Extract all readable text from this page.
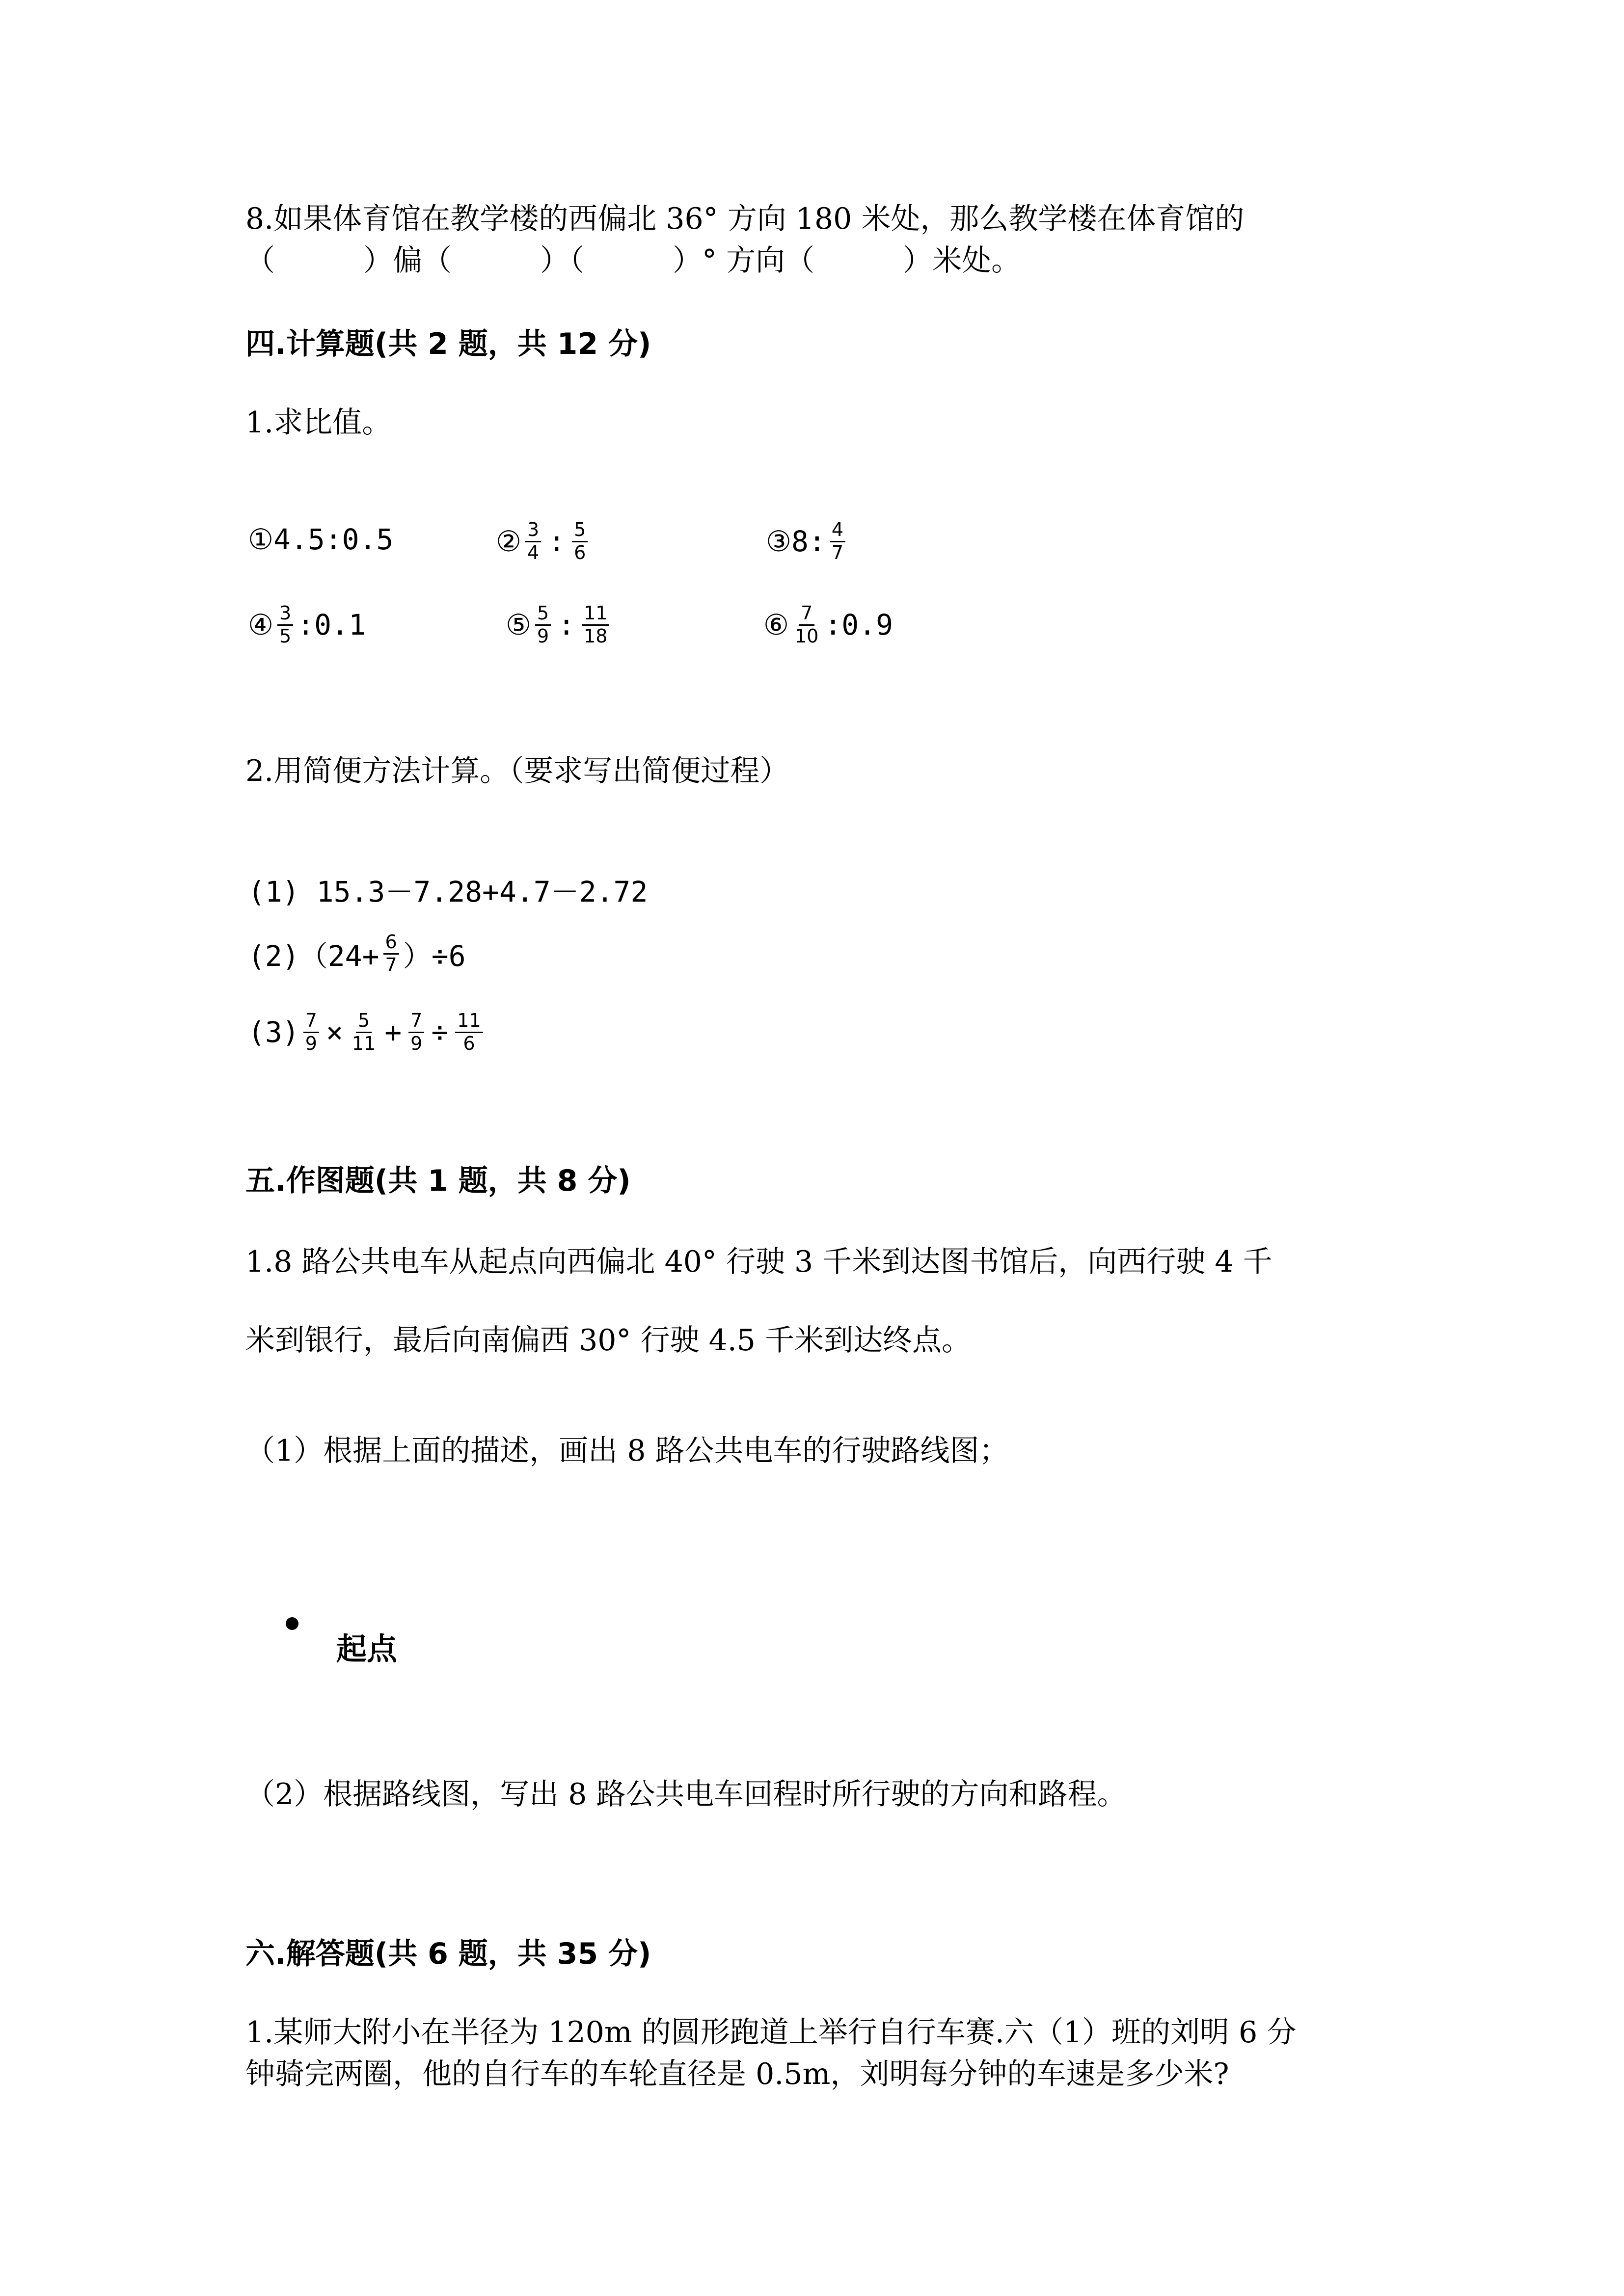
8.如果体育馆在教学楼的西偏北 36° 方向 180 米处，那么教学楼在体育馆的
（　　　）偏（　　　）（　　　）° 方向（　　　）米处。
四.计算题(共 2 题，共 12 分)
1.求比值。
①4.5:0.5	② $\frac{3}{4}$ : $\frac{5}{6}$	③8: $\frac{4}{7}$
④ $\frac{3}{5}$ :0.1	⑤ $\frac{5}{9}$ : $\frac{11}{18}$	⑥ $\frac{7}{10}$ :0.9
2.用简便方法计算。（要求写出简便过程）
(1) 15.3－7.28+4.7－2.72
$(2)(24+ \frac{6}{7} )\div 6$
$(3) \frac{7}{9} \times \frac{5}{11} + \frac{7}{9} \div \frac{11}{6}$
五.作图题(共 1 题，共 8 分)
1.8 路公共电车从起点向西偏北 40° 行驶 3 千米到达图书馆后，向西行驶 4 千
米到银行，最后向南偏西 30° 行驶 4.5 千米到达终点。
（1）根据上面的描述，画出 8 路公共电车的行驶路线图；
起点
（2）根据路线图，写出 8 路公共电车回程时所行驶的方向和路程。
六.解答题(共 6 题，共 35 分)
1.某师大附小在半径为 120m 的圆形跑道上举行自行车赛.六（1）班的刘明 6 分
钟骑完两圈，他的自行车的车轮直径是 0.5m，刘明每分钟的车速是多少米?
